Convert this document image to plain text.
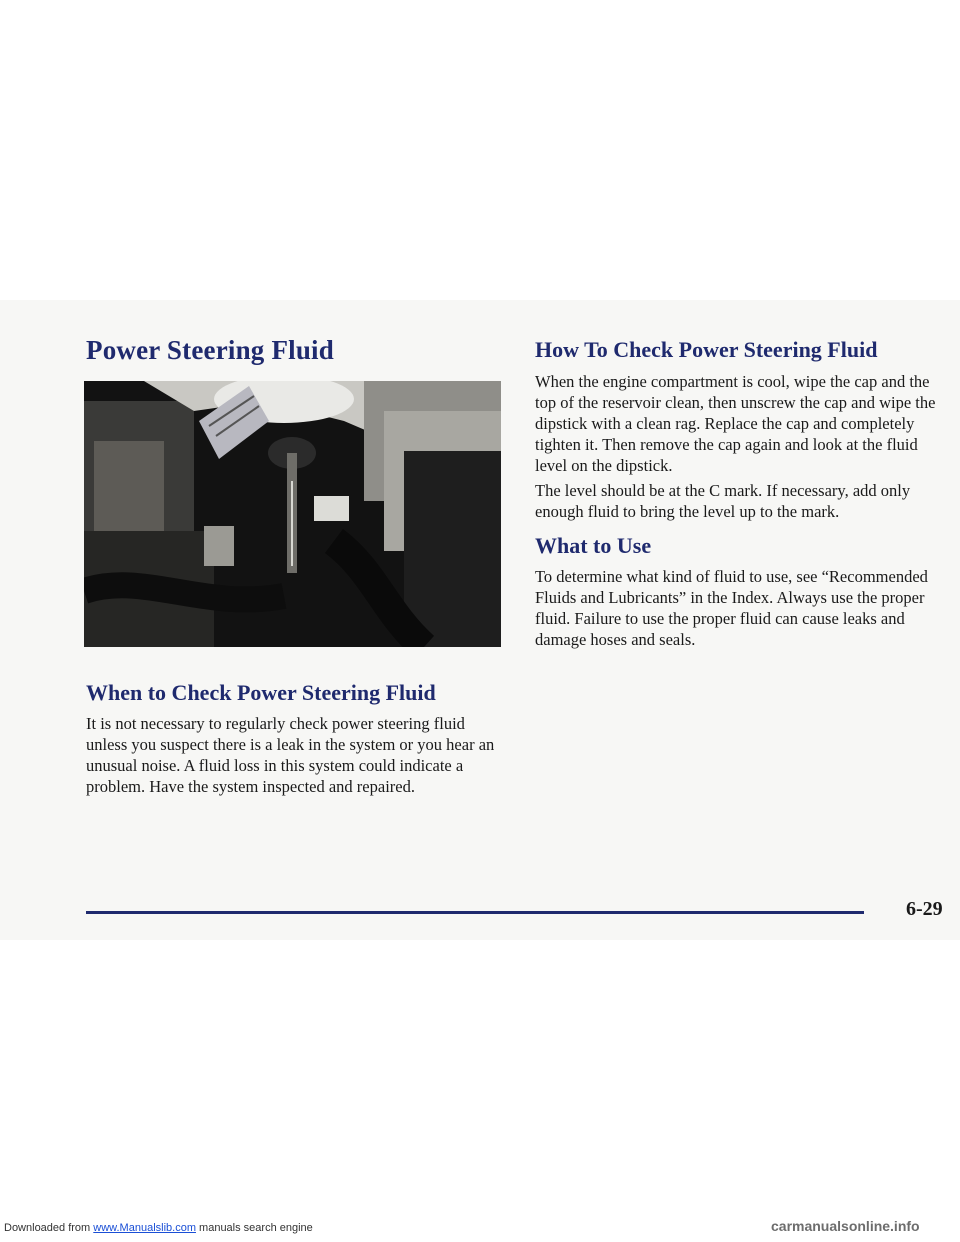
Power Steering Fluid
When to Check Power Steering Fluid

It is not necessary to regularly check power steering fluid unless you suspect there is a leak in the system or you hear an unusual noise. A fluid loss in this system could indicate a problem. Have the system inspected and repaired.

How To Check Power Steering Fluid

When the engine compartment is cool, wipe the cap and the top of the reservoir clean, then unscrew the cap and wipe the dipstick with a clean rag. Replace the cap and completely tighten it. Then remove the cap again and look at the fluid level on the dipstick.

The level should be at the C mark. If necessary, add only enough fluid to bring the level up to the mark.

What to Use

To determine what kind of fluid to use, see “Recommended Fluids and Lubricants” in the Index. Always use the proper fluid. Failure to use the proper fluid can cause leaks and damage hoses and seals.

6-29

Downloaded from www.Manualslib.com manuals search engine	carmanualsonline.info
